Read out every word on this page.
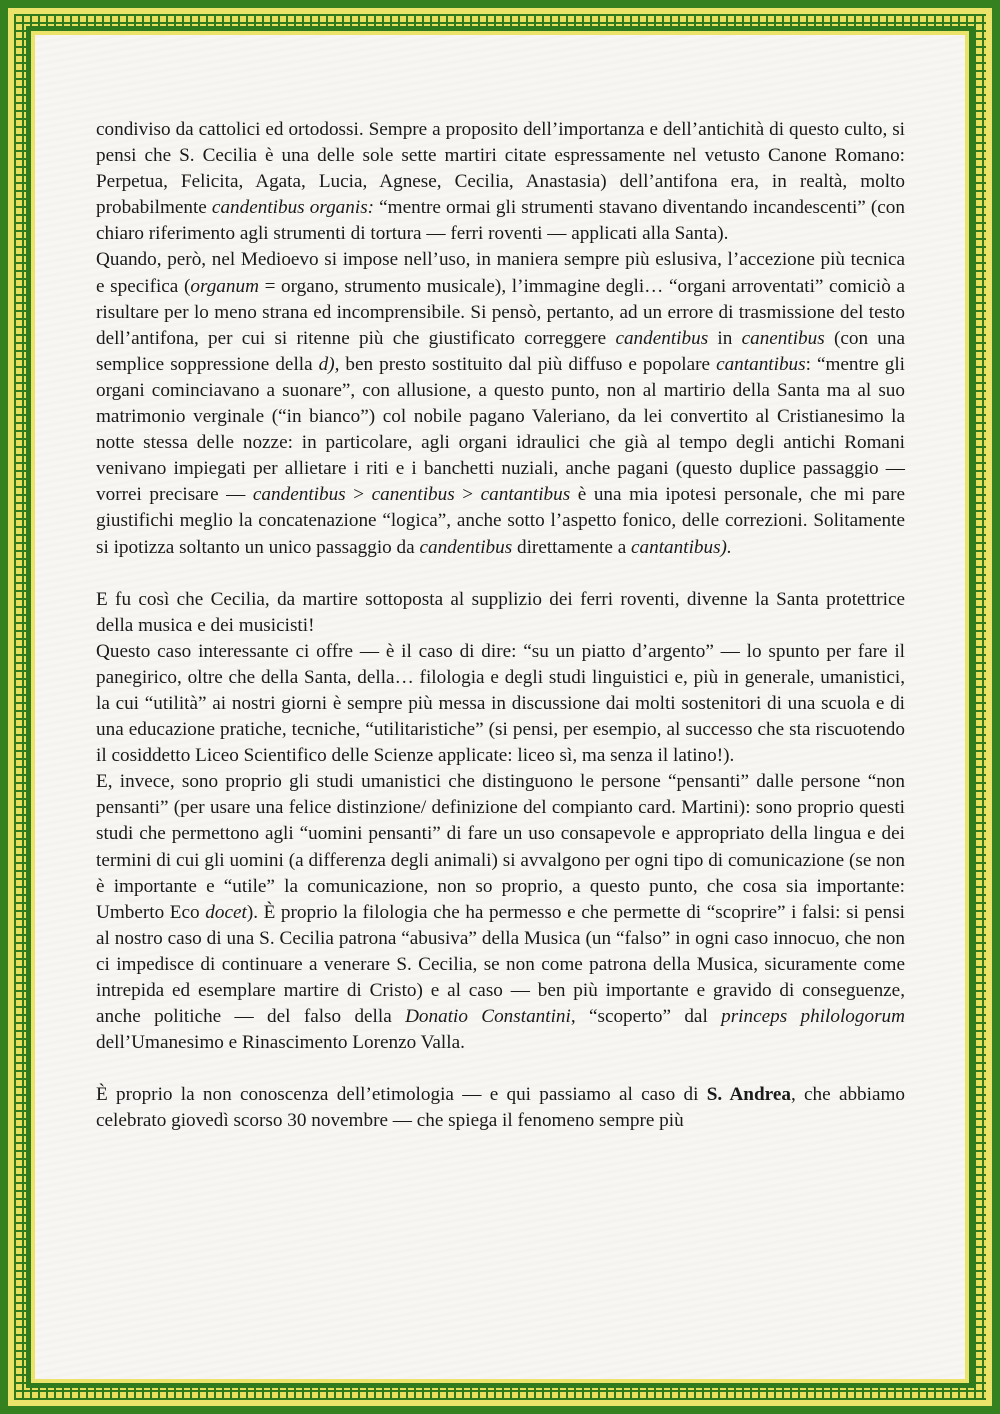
condiviso da cattolici ed ortodossi. Sempre a proposito dell’importanza e dell’antichità di questo culto, si pensi che S. Cecilia è una delle sole sette martiri citate espressamente nel vetusto Canone Romano: Perpetua, Felicita, Agata, Lucia, Agnese, Cecilia, Anastasia) dell’antifona era, in realtà, molto probabilmente candentibus organis: “mentre ormai gli strumenti stavano diventando incandescenti” (con chiaro riferimento agli strumenti di tortura — ferri roventi — applicati alla Santa).

Quando, però, nel Medioevo si impose nell’uso, in maniera sempre più eslusiva, l’accezione più tecnica e specifica (organum = organo, strumento musicale), l’immagine degli… “organi arroventati” comiciò a risultare per lo meno strana ed incomprensibile. Si pensò, pertanto, ad un errore di trasmissione del testo dell’antifona, per cui si ritenne più che giustificato correggere candentibus in canentibus (con una semplice soppressione della d), ben presto sostituito dal più diffuso e popolare cantantibus: “mentre gli organi cominciavano a suonare”, con allusione, a questo punto, non al martirio della Santa ma al suo matrimonio verginale (“in bianco”) col nobile pagano Valeriano, da lei convertito al Cristianesimo la notte stessa delle nozze: in particolare, agli organi idraulici che già al tempo degli antichi Romani venivano impiegati per allietare i riti e i banchetti nuziali, anche pagani (questo duplice passaggio — vorrei precisare — candentibus > canentibus > cantantibus è una mia ipotesi personale, che mi pare giustifichi meglio la concatenazione “logica”, anche sotto l’aspetto fonico, delle correzioni. Solitamente si ipotizza soltanto un unico passaggio da candentibus direttamente a cantantibus).

E fu così che Cecilia, da martire sottoposta al supplizio dei ferri roventi, divenne la Santa protettrice della musica e dei musicisti!

Questo caso interessante ci offre — è il caso di dire: “su un piatto d’argento” — lo spunto per fare il panegirico, oltre che della Santa, della… filologia e degli studi linguistici e, più in generale, umanistici, la cui “utilità” ai nostri giorni è sempre più messa in discussione dai molti sostenitori di una scuola e di una educazione pratiche, tecniche, “utilitaristiche” (si pensi, per esempio, al successo che sta riscuotendo il cosiddetto Liceo Scientifico delle Scienze applicate: liceo sì, ma senza il latino!).

E, invece, sono proprio gli studi umanistici che distinguono le persone “pensanti” dalle persone “non pensanti” (per usare una felice distinzione/ definizione del compianto card. Martini): sono proprio questi studi che permettono agli “uomini pensanti” di fare un uso consapevole e appropriato della lingua e dei termini di cui gli uomini (a differenza degli animali) si avvalgono per ogni tipo di comunicazione (se non è importante e “utile” la comunicazione, non so proprio, a questo punto, che cosa sia importante: Umberto Eco docet). È proprio la filologia che ha permesso e che permette di “scoprire” i falsi: si pensi al nostro caso di una S. Cecilia patrona “abusiva” della Musica (un “falso” in ogni caso innocuo, che non ci impedisce di continuare a venerare S. Cecilia, se non come patrona della Musica, sicuramente come intrepida ed esemplare martire di Cristo) e al caso — ben più importante e gravido di conseguenze, anche politiche — del falso della Donatio Constantini, “scoperto” dal princeps philologorum dell’Umanesimo e Rinascimento Lorenzo Valla.

È proprio la non conoscenza dell’etimologia — e qui passiamo al caso di S. Andrea, che abbiamo celebrato giovedì scorso 30 novembre — che spiega il fenomeno sempre più
